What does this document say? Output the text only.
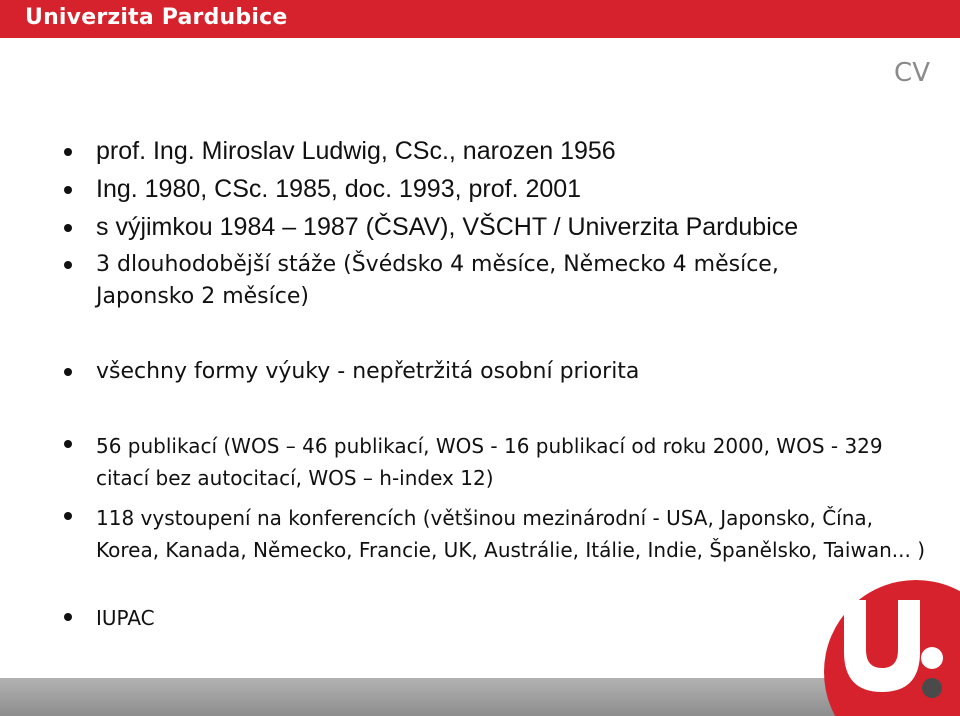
Univerzita Pardubice
CV
prof. Ing. Miroslav Ludwig, CSc., narozen 1956
Ing. 1980, CSc. 1985, doc. 1993, prof. 2001
s výjimkou 1984 – 1987 (ČSAV), VŠCHT / Univerzita Pardubice
3 dlouhodobější stáže (Švédsko 4 měsíce, Německo 4 měsíce, Japonsko 2 měsíce)
všechny formy výuky - nepřetržitá osobní priorita
56 publikací (WOS – 46 publikací, WOS - 16 publikací od roku 2000, WOS - 329 citací bez autocitací, WOS – h-index 12)
118 vystoupení na konferencích (většinou mezinárodní - USA, Japonsko, Čína, Korea, Kanada, Německo, Francie, UK, Austrálie, Itálie, Indie, Španělsko, Taiwan... )
IUPAC
